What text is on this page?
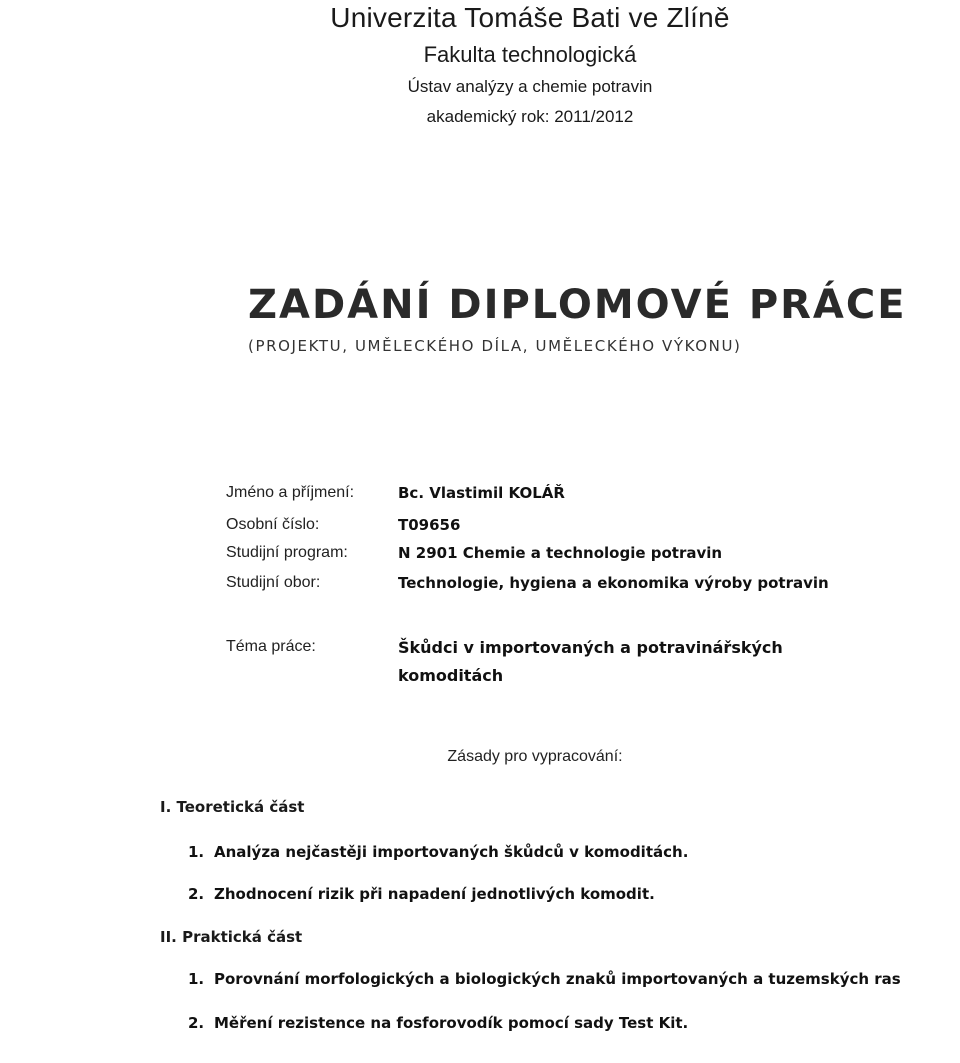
Univerzita Tomáše Bati ve Zlíně
Fakulta technologická
Ústav analýzy a chemie potravin
akademický rok: 2011/2012
ZADÁNÍ DIPLOMOVÉ PRÁCE
(PROJEKTU, UMĚLECKÉHO DÍLA, UMĚLECKÉHO VÝKONU)
Jméno a příjmení:	Bc. Vlastimil KOLÁŘ
Osobní číslo:	T09656
Studijní program:	N 2901 Chemie a technologie potravin
Studijní obor:	Technologie, hygiena a ekonomika výroby potravin
Téma práce:	Škůdci v importovaných a potravinářských komoditách
Zásady pro vypracování:
I. Teoretická část
1. Analýza nejčastěji importovaných škůdců v komoditách.
2. Zhodnocení rizik při napadení jednotlivých komodit.
II. Praktická část
1. Porovnání morfologických a biologických znaků importovaných a tuzemských ras
2. Měření rezistence na fosforovodík pomocí sady Test Kit.
